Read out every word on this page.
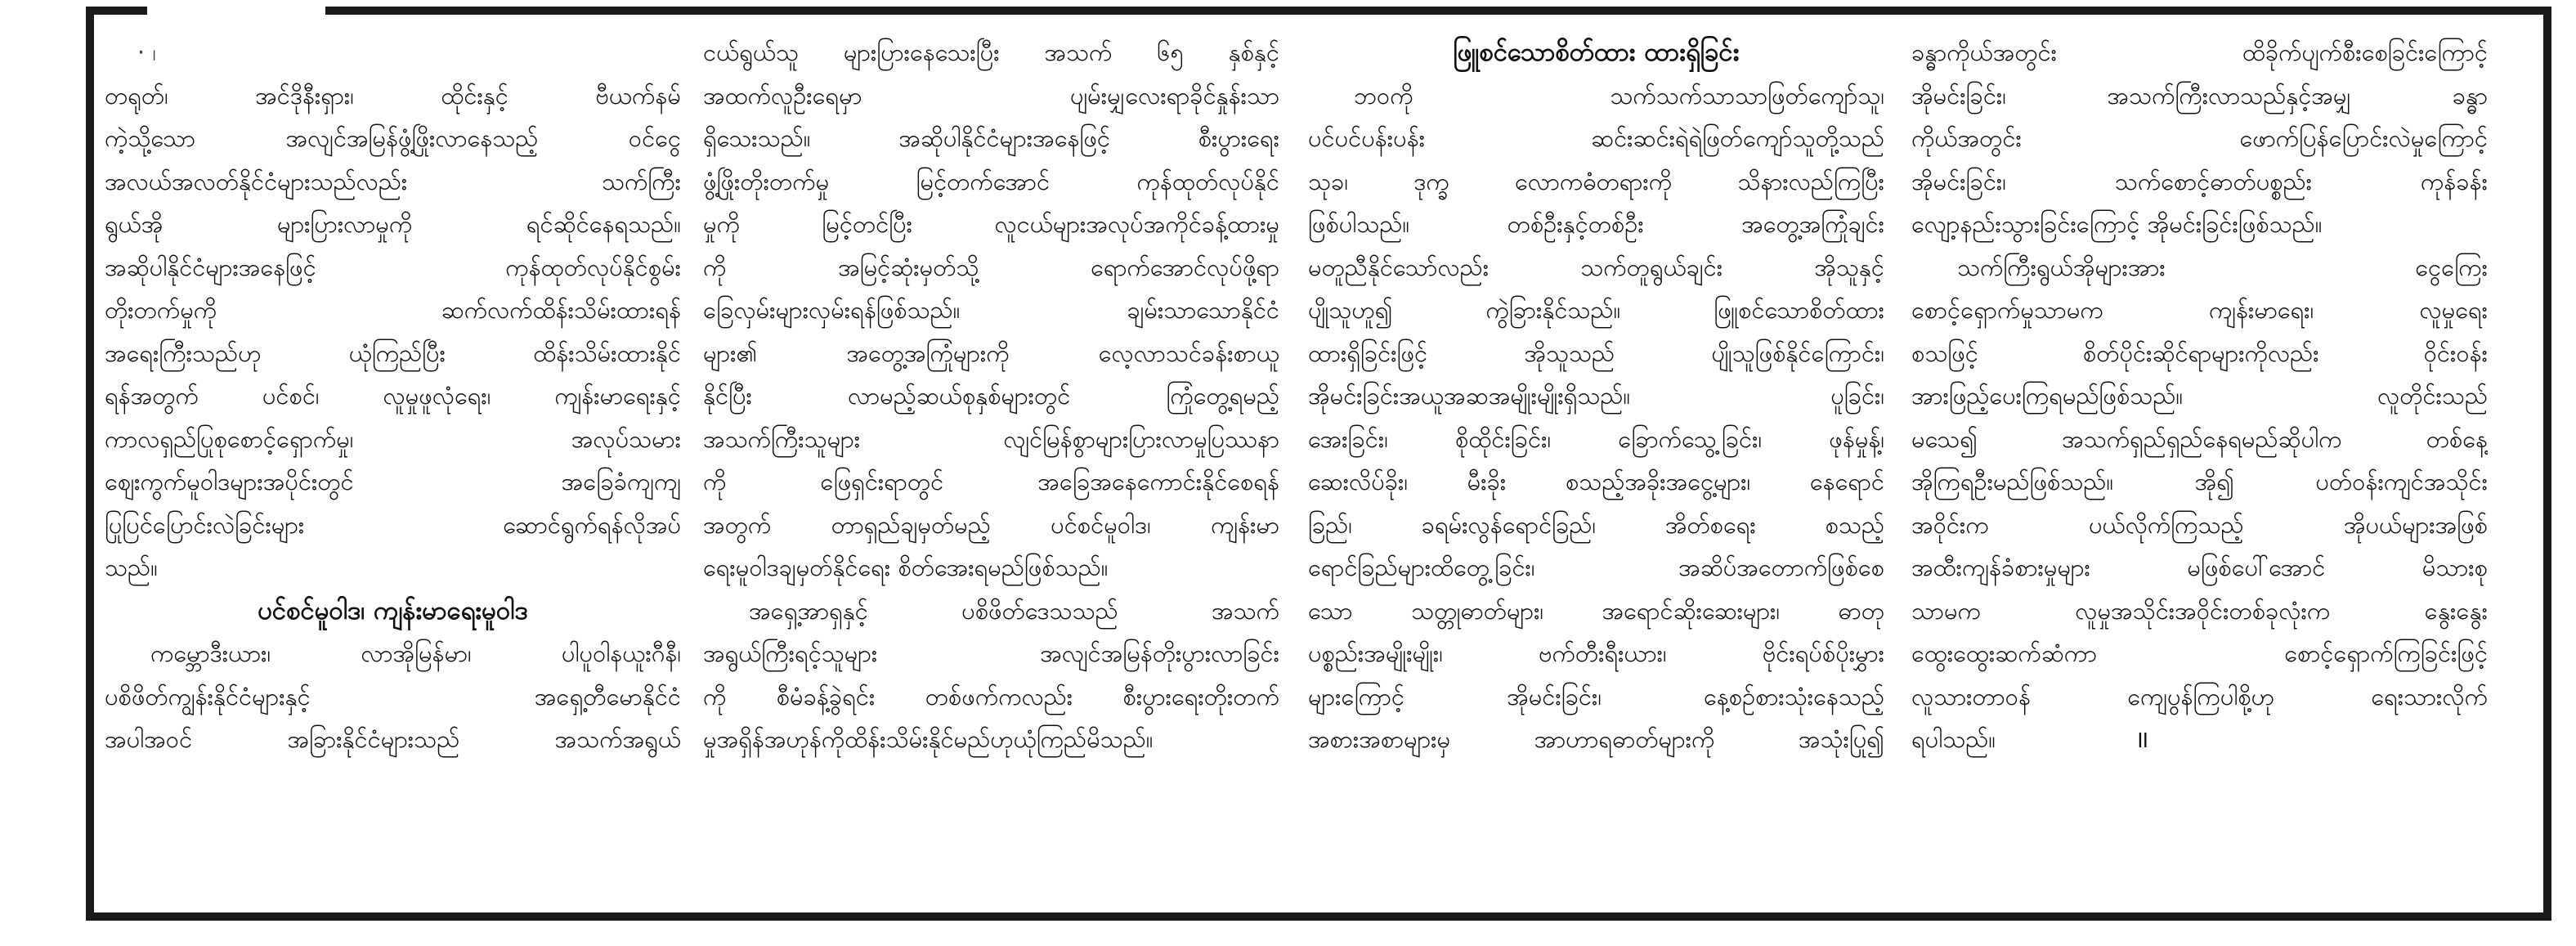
· ၊
တရုတ်၊ အင်ဒိုနီးရှား၊ ထိုင်းနှင့် ဗီယက်နမ်
ကဲ့သို့သော အလျင်အမြန်ဖွံ့ဖြိုးလာနေသည့် ဝင်ငွေ
အလယ်အလတ်နိုင်ငံများသည်လည်း သက်ကြီး
ရွယ်အို များပြားလာမှုကို ရင်ဆိုင်နေရသည်။
အဆိုပါနိုင်ငံများအနေဖြင့် ကုန်ထုတ်လုပ်နိုင်စွမ်း
တိုးတက်မှုကို ဆက်လက်ထိန်းသိမ်းထားရန်
အရေးကြီးသည်ဟု ယုံကြည်ပြီး ထိန်းသိမ်းထားနိုင်
ရန်အတွက် ပင်စင်၊ လူမှုဖူလုံရေး၊ ကျန်းမာရေးနှင့်
ကာလရှည်ပြုစုစောင့်ရှောက်မှု၊ အလုပ်သမား
ဈေးကွက်မူဝါဒများအပိုင်းတွင် အခြေခံကျကျ
ပြုပြင်ပြောင်းလဲခြင်းများ ဆောင်ရွက်ရန်လိုအပ်
သည်။
ပင်စင်မူဝါဒ၊ ကျန်းမာရေးမူဝါဒ
ကမ္ဘောဒီးယား၊ လာအိုမြန်မာ၊ ပါပူဝါနယူးဂီနီ၊
ပစိဖိတ်ကျွန်းနိုင်ငံများနှင့် အရှေ့တီမောနိုင်ငံ
အပါအဝင် အခြားနိုင်ငံများသည် အသက်အရွယ်
ငယ်ရွယ်သူ များပြားနေသေးပြီး အသက် ၆၅ နှစ်နှင့်
အထက်လူဦးရေမှာ ပျမ်းမျှလေးရာခိုင်နှုန်းသာ
ရှိသေးသည်။ အဆိုပါနိုင်ငံများအနေဖြင့် စီးပွားရေး
ဖွံ့ဖြိုးတိုးတက်မှု မြင့်တက်အောင် ကုန်ထုတ်လုပ်နိုင်
မှုကို မြင့်တင်ပြီး လူငယ်များအလုပ်အကိုင်ခန့်ထားမှု
ကို အမြင့်ဆုံးမှတ်သို့ ရောက်အောင်လုပ်ဖို့ရာ
ခြေလှမ်းများလှမ်းရန်ဖြစ်သည်။ ချမ်းသာသောနိုင်ငံ
များ၏ အတွေ့အကြုံများကို လေ့လာသင်ခန်းစာယူ
နိုင်ပြီး လာမည့်ဆယ်စုနှစ်များတွင် ကြုံတွေ့ရမည့်
အသက်ကြီးသူများ လျင်မြန်စွာများပြားလာမှုပြဿနာ
ကို ဖြေရှင်းရာတွင် အခြေအနေကောင်းနိုင်စေရန်
အတွက် တာရှည်ချမှတ်မည့် ပင်စင်မူဝါဒ၊ ကျန်းမာ
ရေးမူဝါဒချမှတ်နိုင်ရေး စိတ်အေးရမည်ဖြစ်သည်။
အရှေ့အာရှနှင့် ပစိဖိတ်ဒေသသည် အသက်
အရွယ်ကြီးရင့်သူများ အလျင်အမြန်တိုးပွားလာခြင်း
ကို စီမံခန့်ခွဲရင်း တစ်ဖက်ကလည်း စီးပွားရေးတိုးတက်
မှုအရှိန်အဟုန်ကိုထိန်းသိမ်းနိုင်မည်ဟုယုံကြည်မိသည်။
ဖြူစင်သောစိတ်ထား ထားရှိခြင်း
ဘဝကို သက်သက်သာသာဖြတ်ကျော်သူ၊
ပင်ပင်ပန်းပန်း ဆင်းဆင်းရဲရဲဖြတ်ကျော်သူတို့သည်
သုခ၊ ဒုက္ခ လောကဓံတရားကို သိနားလည်ကြပြီး
ဖြစ်ပါသည်။ တစ်ဦးနှင့်တစ်ဦး အတွေ့အကြုံချင်း
မတူညီနိုင်သော်လည်း သက်တူရွယ်ချင်း အိုသူနှင့်
ပျိုသူဟူ၍ ကွဲခြားနိုင်သည်။ ဖြူစင်သောစိတ်ထား
ထားရှိခြင်းဖြင့် အိုသူသည် ပျိုသူဖြစ်နိုင်ကြောင်း၊
အိုမင်းခြင်းအယူအဆအမျိုးမျိုးရှိသည်။ ပူခြင်း၊
အေးခြင်း၊ စိုထိုင်းခြင်း၊ ခြောက်သွေ့ခြင်း၊ ဖုန်မှုန့်၊
ဆေးလိပ်ခိုး၊ မီးခိုး စသည့်အခိုးအငွေ့များ၊ နေရောင်
ခြည်၊ ခရမ်းလွန်ရောင်ခြည်၊ အိတ်စရေး စသည့်
ရောင်ခြည်များထိတွေ့ခြင်း၊ အဆိပ်အတောက်ဖြစ်စေ
သော သတ္တုဓာတ်များ၊ အရောင်ဆိုးဆေးများ၊ ဓာတု
ပစ္စည်းအမျိုးမျိုး၊ ဗက်တီးရီးယား၊ ဗိုင်းရပ်စ်ပိုးမွှား
များကြောင့် အိုမင်းခြင်း၊ နေ့စဉ်စားသုံးနေသည့်
အစားအစာများမှ အာဟာရဓာတ်များကို အသုံးပြု၍
ခန္ဓာကိုယ်အတွင်း ထိခိုက်ပျက်စီးစေခြင်းကြောင့်
အိုမင်းခြင်း၊ အသက်ကြီးလာသည်နှင့်အမျှ ခန္ဓာ
ကိုယ်အတွင်း ဖောက်ပြန်ပြောင်းလဲမှုကြောင့်
အိုမင်းခြင်း၊ သက်စောင့်ဓာတ်ပစ္စည်း ကုန်ခန်း
လျော့နည်းသွားခြင်းကြောင့် အိုမင်းခြင်းဖြစ်သည်။
သက်ကြီးရွယ်အိုများအား ငွေကြေး
စောင့်ရှောက်မှုသာမက ကျန်းမာရေး၊ လူမှုရေး
စသဖြင့် စိတ်ပိုင်းဆိုင်ရာများကိုလည်း ဝိုင်းဝန်း
အားဖြည့်ပေးကြရမည်ဖြစ်သည်။ လူတိုင်းသည်
မသေ၍ အသက်ရှည်ရှည်နေရမည်ဆိုပါက တစ်နေ့
အိုကြရဦးမည်ဖြစ်သည်။ အို၍ ပတ်ဝန်းကျင်အသိုင်း
အဝိုင်းက ပယ်လိုက်ကြသည့် အိုပယ်များအဖြစ်
အထီးကျန်ခံစားမှုများ မဖြစ်ပေါ်အောင် မိသားစု
သာမက လူမှုအသိုင်းအဝိုင်းတစ်ခုလုံးက နွေးနွေး
ထွေးထွေးဆက်ဆံကာ စောင့်ရှောက်ကြခြင်းဖြင့်
လူသားတာဝန် ကျေပွန်ကြပါစို့ဟု ရေးသားလိုက်
ရပါသည်။	॥
